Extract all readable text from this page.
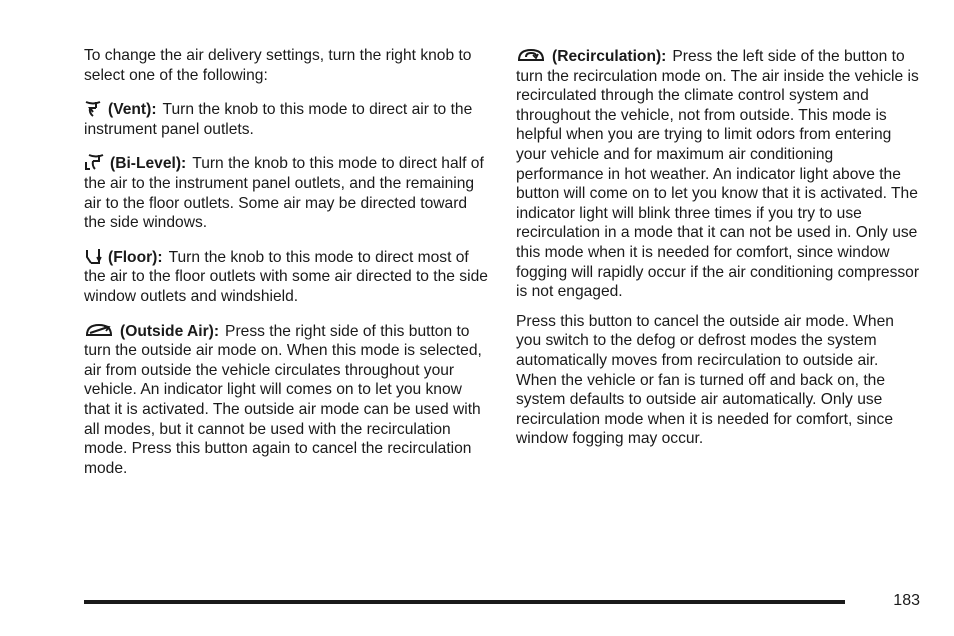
To change the air delivery settings, turn the right knob to select one of the following:

(Vent): Turn the knob to this mode to direct air to the instrument panel outlets.

(Bi-Level): Turn the knob to this mode to direct half of the air to the instrument panel outlets, and the remaining air to the floor outlets. Some air may be directed toward the side windows.

(Floor): Turn the knob to this mode to direct most of the air to the floor outlets with some air directed to the side window outlets and windshield.

(Outside Air): Press the right side of this button to turn the outside air mode on. When this mode is selected, air from outside the vehicle circulates throughout your vehicle. An indicator light will comes on to let you know that it is activated. The outside air mode can be used with all modes, but it cannot be used with the recirculation mode. Press this button again to cancel the recirculation mode.

(Recirculation): Press the left side of the button to turn the recirculation mode on. The air inside the vehicle is recirculated through the climate control system and throughout the vehicle, not from outside. This mode is helpful when you are trying to limit odors from entering your vehicle and for maximum air conditioning performance in hot weather. An indicator light above the button will come on to let you know that it is activated. The indicator light will blink three times if you try to use recirculation in a mode that it can not be used in. Only use this mode when it is needed for comfort, since window fogging will rapidly occur if the air conditioning compressor is not engaged.

Press this button to cancel the outside air mode. When you switch to the defog or defrost modes the system automatically moves from recirculation to outside air. When the vehicle or fan is turned off and back on, the system defaults to outside air automatically. Only use recirculation mode when it is needed for comfort, since window fogging may occur.

183
